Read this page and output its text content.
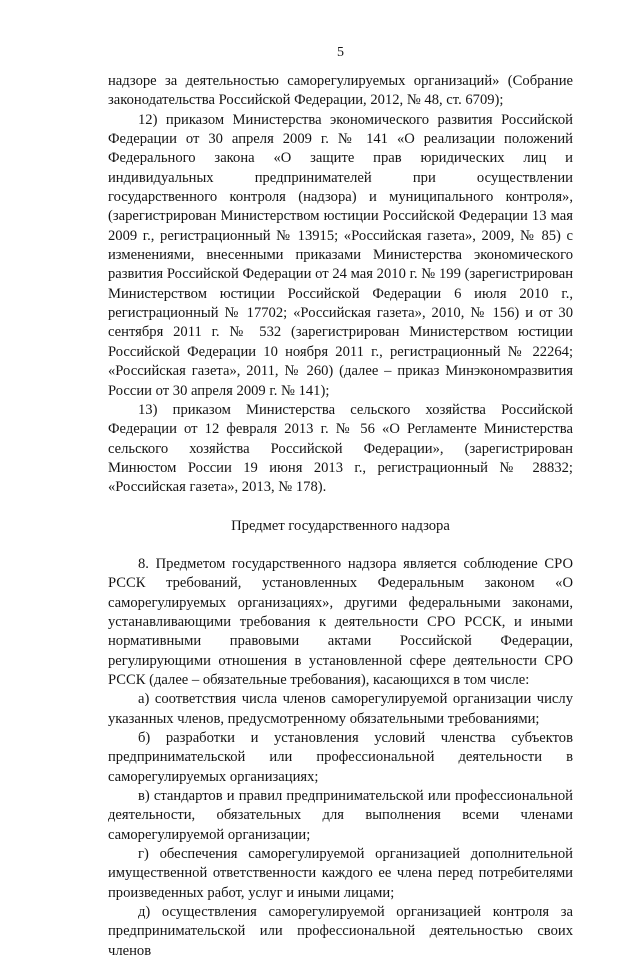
5

надзоре за деятельностью саморегулируемых организаций» (Собрание законодательства Российской Федерации, 2012, № 48, ст. 6709);

12) приказом Министерства экономического развития Российской Федерации от 30 апреля 2009 г. № 141 «О реализации положений Федерального закона «О защите прав юридических лиц и индивидуальных предпринимателей при осуществлении государственного контроля (надзора) и муниципального контроля», (зарегистрирован Министерством юстиции Российской Федерации 13 мая 2009 г., регистрационный № 13915; «Российская газета», 2009, № 85) с изменениями, внесенными приказами Министерства экономического развития Российской Федерации от 24 мая 2010 г. № 199 (зарегистрирован Министерством юстиции Российской Федерации 6 июля 2010 г., регистрационный № 17702; «Российская газета», 2010, № 156) и от 30 сентября 2011 г. № 532 (зарегистрирован Министерством юстиции Российской Федерации 10 ноября 2011 г., регистрационный № 22264; «Российская газета», 2011, № 260) (далее – приказ Минэкономразвития России от 30 апреля 2009 г. № 141);

13) приказом Министерства сельского хозяйства Российской Федерации от 12 февраля 2013 г. № 56 «О Регламенте Министерства сельского хозяйства Российской Федерации», (зарегистрирован Минюстом России 19 июня 2013 г., регистрационный № 28832; «Российская газета», 2013, № 178).

Предмет государственного надзора

8. Предметом государственного надзора является соблюдение СРО РССК требований, установленных Федеральным законом «О саморегулируемых организациях», другими федеральными законами, устанавливающими требования к деятельности СРО РССК, и иными нормативными правовыми актами Российской Федерации, регулирующими отношения в установленной сфере деятельности СРО РССК (далее – обязательные требования), касающихся в том числе:

а) соответствия числа членов саморегулируемой организации числу указанных членов, предусмотренному обязательными требованиями;

б) разработки и установления условий членства субъектов предпринимательской или профессиональной деятельности в саморегулируемых организациях;

в) стандартов и правил предпринимательской или профессиональной деятельности, обязательных для выполнения всеми членами саморегулируемой организации;

г) обеспечения саморегулируемой организацией дополнительной имущественной ответственности каждого ее члена перед потребителями произведенных работ, услуг и иными лицами;

д) осуществления саморегулируемой организацией контроля за предпринимательской или профессиональной деятельностью своих членов
